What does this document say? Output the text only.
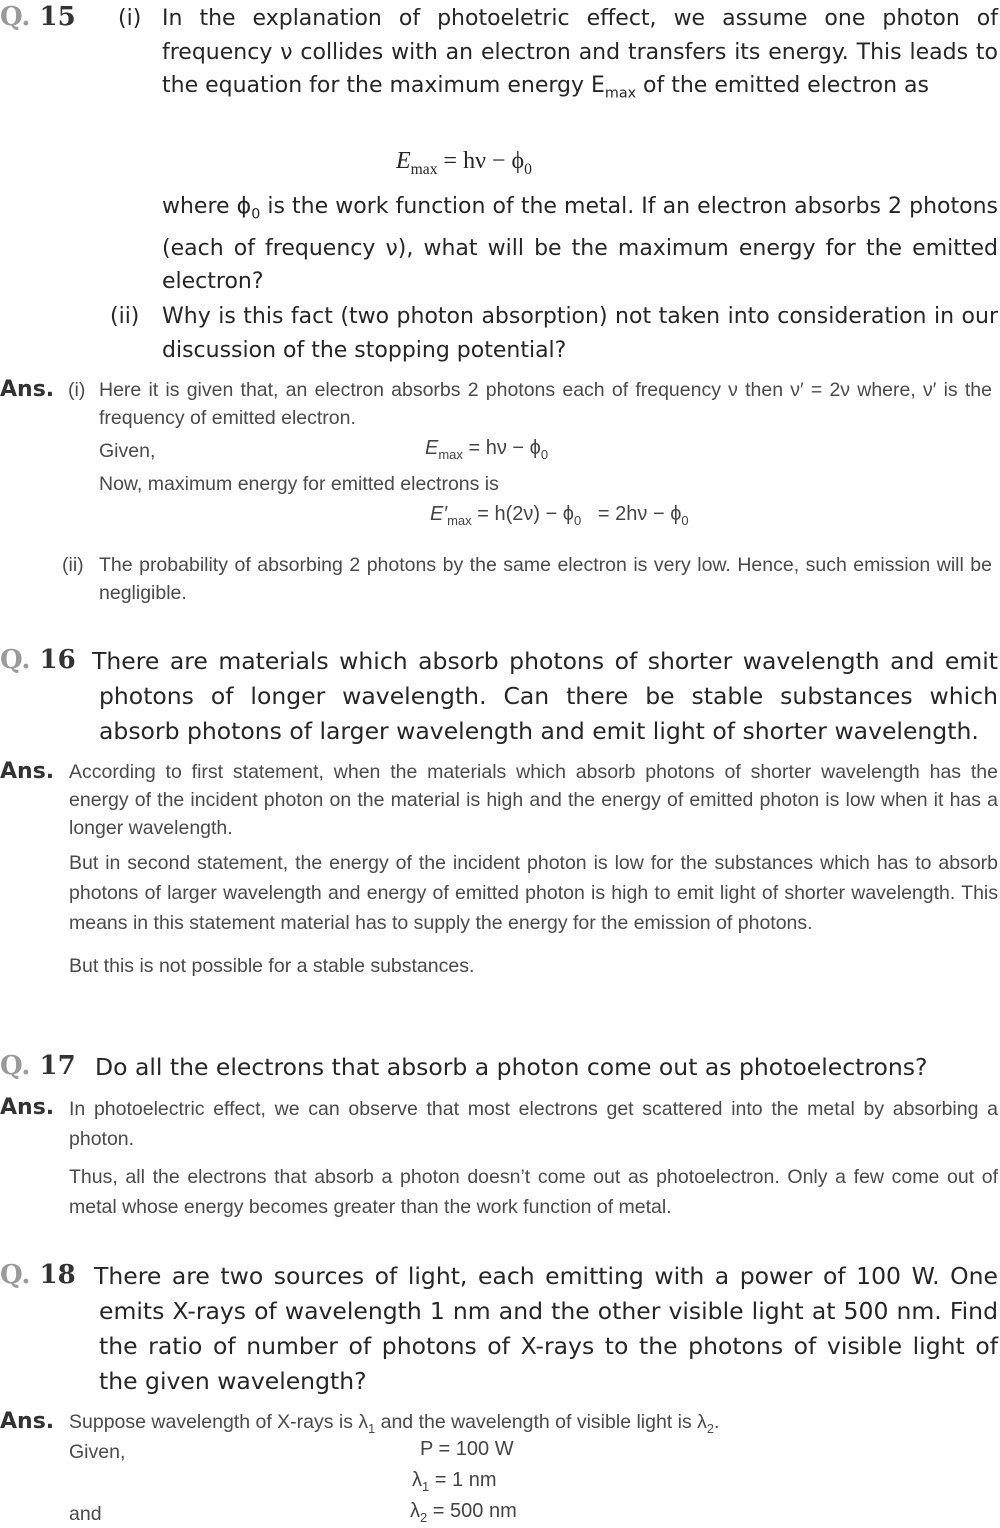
Q. 15 (i) In the explanation of photoeletric effect, we assume one photon of frequency ν collides with an electron and transfers its energy. This leads to the equation for the maximum energy $E_{max}$ of the emitted electron as
$E_{max} = h\nu - \phi_0$
where $\phi_0$ is the work function of the metal. If an electron absorbs 2 photons (each of frequency ν), what will be the maximum energy for the emitted electron?
(ii) Why is this fact (two photon absorption) not taken into consideration in our discussion of the stopping potential?
Ans. (i) Here it is given that, an electron absorbs 2 photons each of frequency ν then ν′ = 2ν where, ν′ is the frequency of emitted electron.
Given,	$E_{max} = h\nu - \phi_0$
Now, maximum energy for emitted electrons is
$E'_{max} = h(2\nu) - \phi_0 = 2h\nu - \phi_0$
(ii) The probability of absorbing 2 photons by the same electron is very low. Hence, such emission will be negligible.
Q. 16 There are materials which absorb photons of shorter wavelength and emit photons of longer wavelength. Can there be stable substances which absorb photons of larger wavelength and emit light of shorter wavelength.
Ans. According to first statement, when the materials which absorb photons of shorter wavelength has the energy of the incident photon on the material is high and the energy of emitted photon is low when it has a longer wavelength.

But in second statement, the energy of the incident photon is low for the substances which has to absorb photons of larger wavelength and energy of emitted photon is high to emit light of shorter wavelength. This means in this statement material has to supply the energy for the emission of photons.

But this is not possible for a stable substances.

Q. 17 Do all the electrons that absorb a photon come out as photoelectrons?
Ans. In photoelectric effect, we can observe that most electrons get scattered into the metal by absorbing a photon.

Thus, all the electrons that absorb a photon doesn’t come out as photoelectron. Only a few come out of metal whose energy becomes greater than the work function of metal.

Q. 18 There are two sources of light, each emitting with a power of 100 W. One emits X-rays of wavelength 1 nm and the other visible light at 500 nm. Find the ratio of number of photons of X-rays to the photons of visible light of the given wavelength?
Ans. Suppose wavelength of X-rays is $\lambda_1$ and the wavelength of visible light is $\lambda_2$.
Given,	P = 100 W
$\lambda_1 = 1$ nm
and	$\lambda_2 = 500$ nm
